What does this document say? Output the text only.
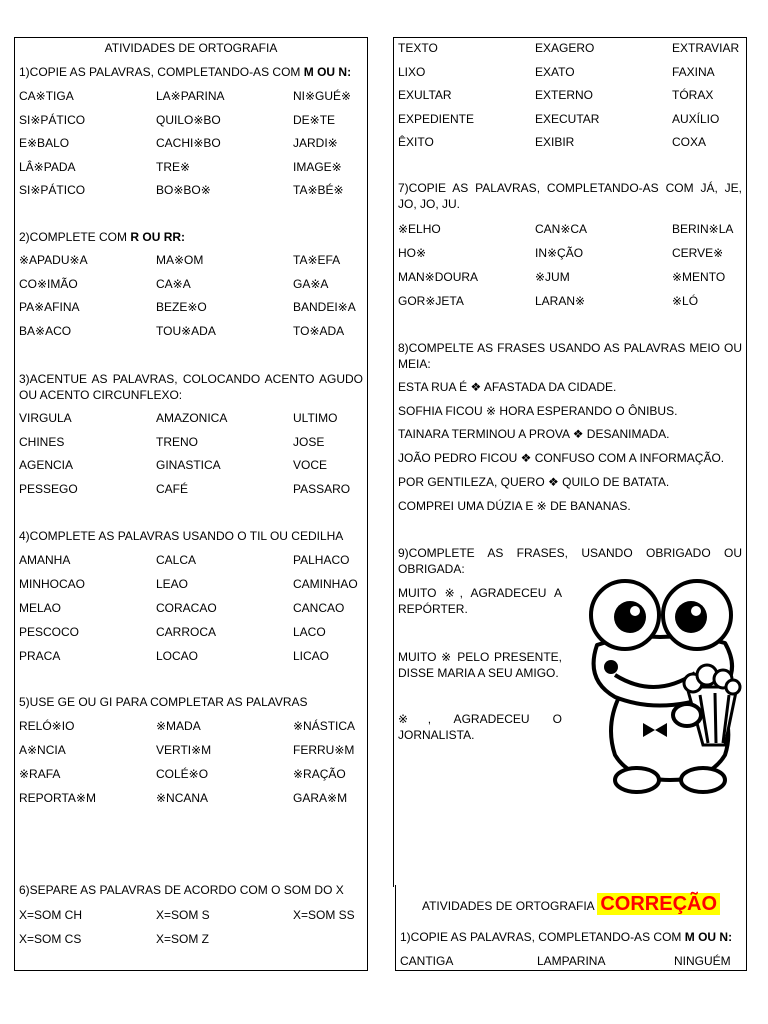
ATIVIDADES DE ORTOGRAFIA
1)COPIE AS PALAVRAS, COMPLETANDO-AS COM M OU N:
CA※TIGA	LA※PARINA	NI※GUÉ※
SI※PÁTICO	QUILO※BO	DE※TE
E※BALO	CACHI※BO	JARDI※
LÂ※PADA	TRE※	IMAGE※
SI※PÁTICO	BO※BO※	TA※BÉ※
2)COMPLETE COM R OU RR:
※APADU※A	MA※OM	TA※EFA
CO※IMÃO	CA※A	GA※A
PA※AFINA	BEZE※O	BANDEI※A
BA※ACO	TOU※ADA	TO※ADA
3)ACENTUE AS PALAVRAS, COLOCANDO ACENTO AGUDO OU ACENTO CIRCUNFLEXO:
VIRGULA	AMAZONICA	ULTIMO
CHINES	TRENO	JOSE
AGENCIA	GINASTICA	VOCE
PESSEGO	CAFÉ	PASSARO
4)COMPLETE AS PALAVRAS USANDO O TIL OU CEDILHA
AMANHA	CALCA	PALHACO
MINHOCAO	LEAO	CAMINHAO
MELAO	CORACAO	CANCAO
PESCOCO	CARROCA	LACO
PRACA	LOCAO	LICAO
5)USE GE OU GI PARA COMPLETAR AS PALAVRAS
RELÓ※IO	※MADA	※NÁSTICA
A※NCIA	VERTI※M	FERRU※M
※RAFA	COLÉ※O	※RAÇÃO
REPORTA※M	※NCANA	GARA※M
6)SEPARE AS PALAVRAS DE ACORDO COM O SOM DO X
X=SOM CH	X=SOM S	X=SOM SS
X=SOM CS	X=SOM Z
TEXTO	EXAGERO	EXTRAVIAR
LIXO	EXATO	FAXINA
EXULTAR	EXTERNO	TÓRAX
EXPEDIENTE	EXECUTAR	AUXÍLIO
ÊXITO	EXIBIR	COXA
7)COPIE AS PALAVRAS, COMPLETANDO-AS COM JÁ, JE, JO, JO, JU.
※ELHO	CAN※CA	BERIN※LA
HO※	IN※ÇÃO	CERVE※
MAN※DOURA	※JUM	※MENTO
GOR※JETA	LARAN※	※LÓ
8)COMPELTE AS FRASES USANDO AS PALAVRAS MEIO OU MEIA:
ESTA RUA É ❖ AFASTADA DA CIDADE.
SOFHIA FICOU ※ HORA ESPERANDO O ÔNIBUS.
TAINARA TERMINOU A PROVA ❖ DESANIMADA.
JOÃO PEDRO FICOU ❖ CONFUSO COM A INFORMAÇÃO.
POR GENTILEZA, QUERO ❖ QUILO DE BATATA.
COMPREI UMA DÚZIA E ※ DE BANANAS.
9)COMPLETE AS FRASES, USANDO OBRIGADO OU OBRIGADA:
MUITO ※, AGRADECEU A REPÓRTER.
MUITO ※ PELO PRESENTE, DISSE MARIA A SEU AMIGO.
※, AGRADECEU O JORNALISTA.
ATIVIDADES DE ORTOGRAFIA CORREÇÃO
1)COPIE AS PALAVRAS, COMPLETANDO-AS COM M OU N:
CANTIGA	LAMPARINA	NINGUÉM
